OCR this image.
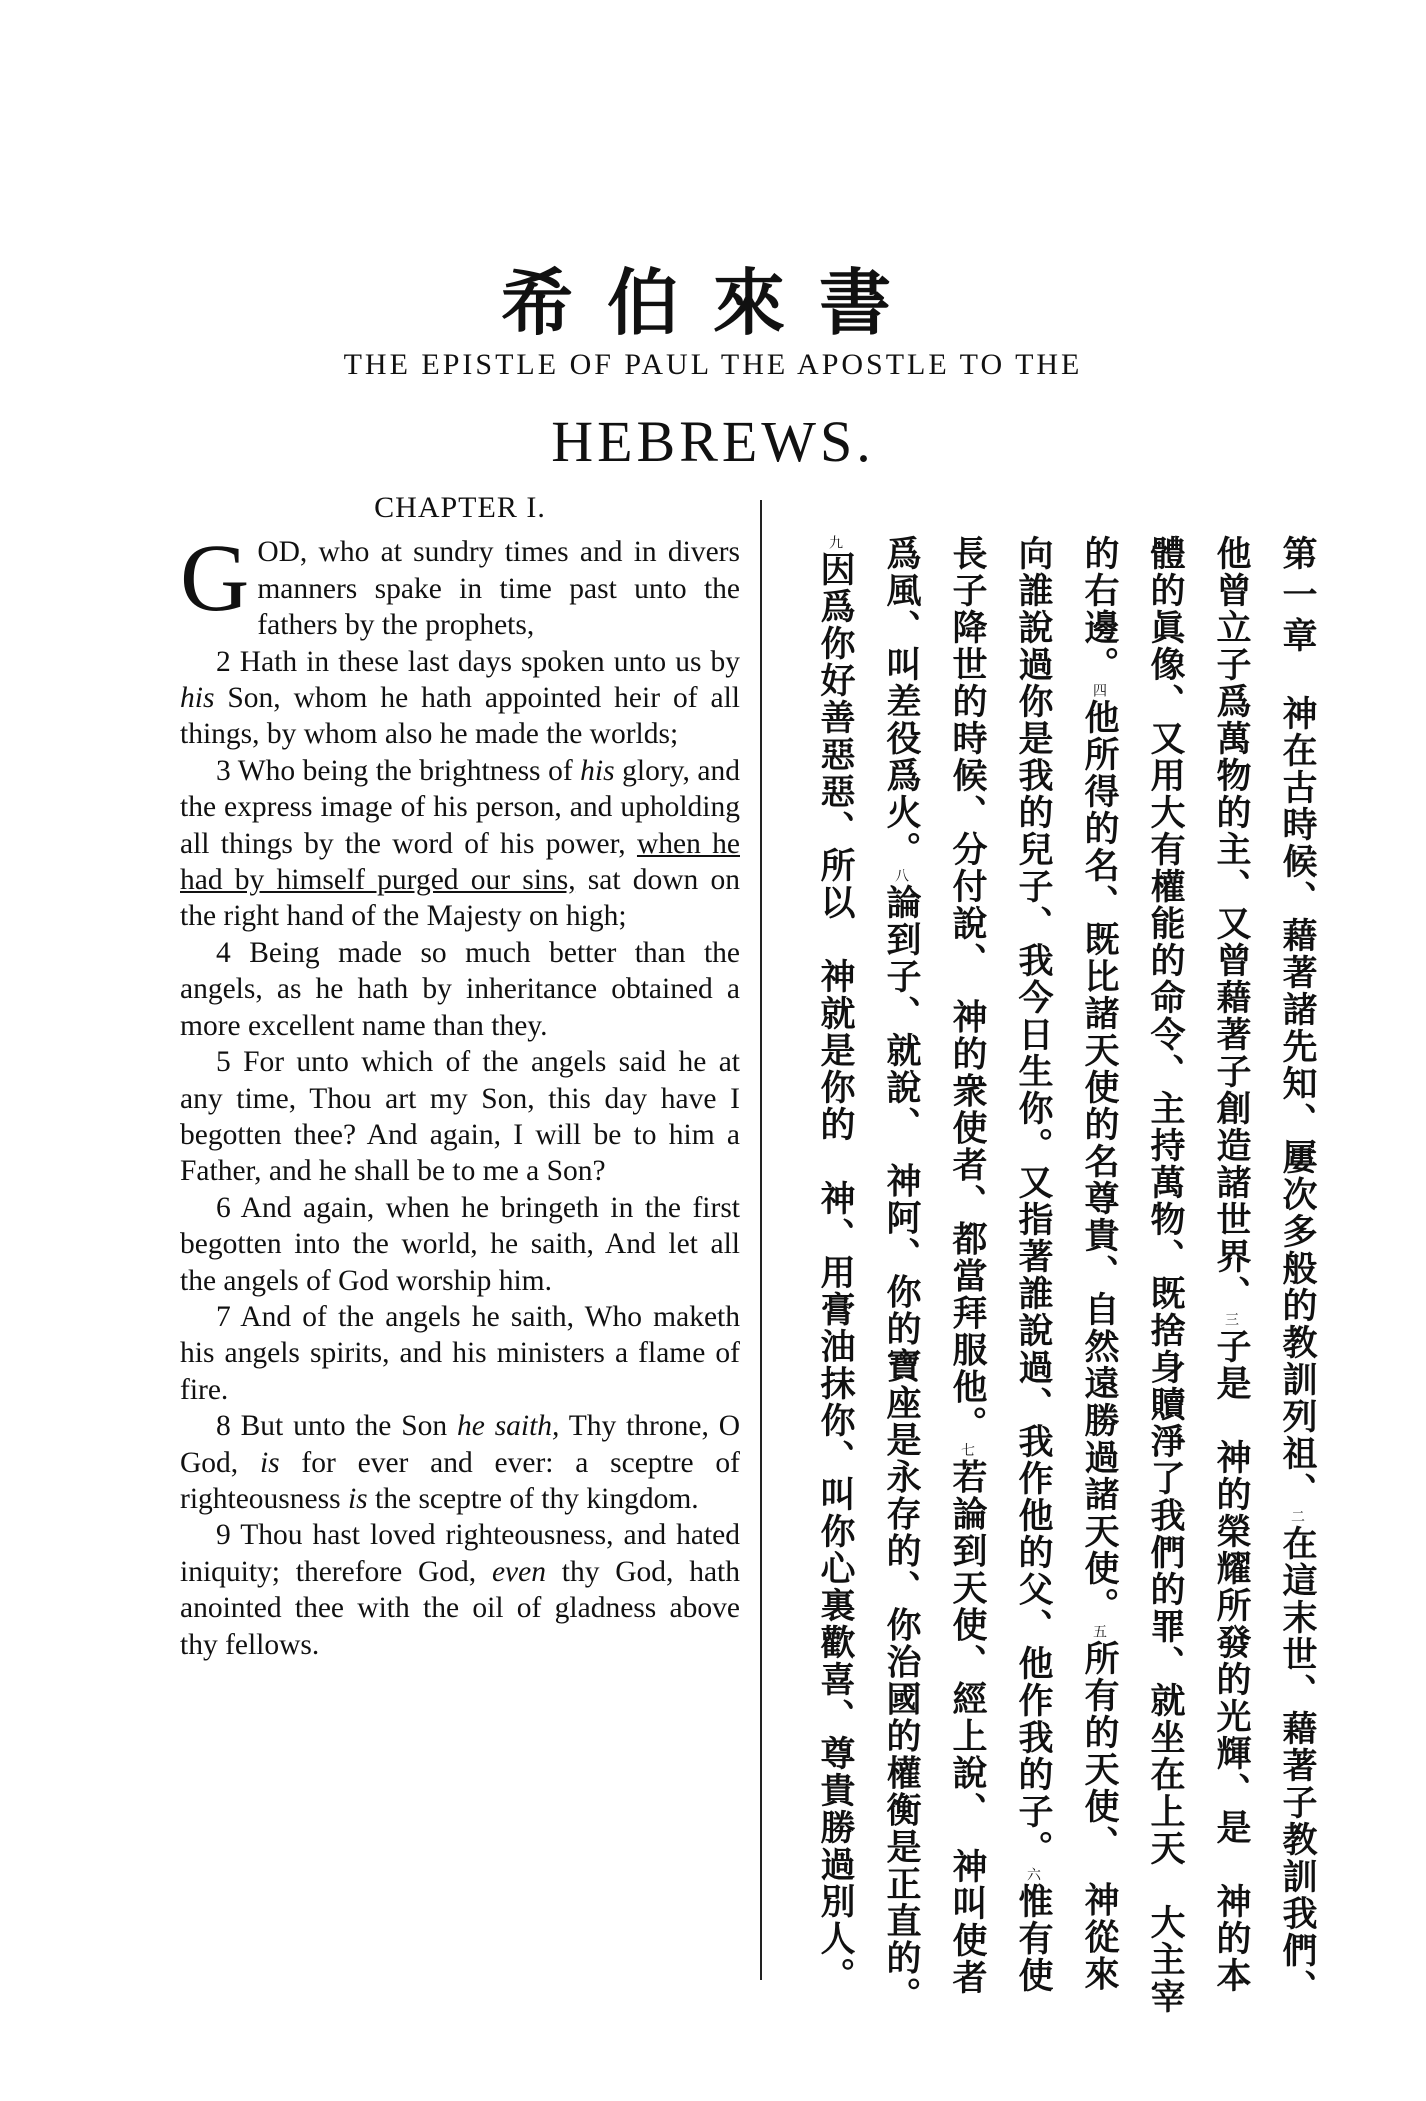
希伯來書
THE EPISTLE OF PAUL THE APOSTLE TO THE
HEBREWS.
CHAPTER I.

GOD, who at sundry times and in divers manners spake in time past unto the fathers by the prophets,

2 Hath in these last days spoken unto us by his Son, whom he hath appointed heir of all things, by whom also he made the worlds;

3 Who being the brightness of his glory, and the express image of his person, and upholding all things by the word of his power, when he had by himself purged our sins, sat down on the right hand of the Majesty on high;

4 Being made so much better than the angels, as he hath by inheritance obtained a more excellent name than they.

5 For unto which of the angels said he at any time, Thou art my Son, this day have I begotten thee? And again, I will be to him a Father, and he shall be to me a Son?

6 And again, when he bringeth in the first begotten into the world, he saith, And let all the angels of God worship him.

7 And of the angels he saith, Who maketh his angels spirits, and his ministers a flame of fire.

8 But unto the Son he saith, Thy throne, O God, is for ever and ever: a sceptre of righteousness is the sceptre of thy kingdom.

9 Thou hast loved righteousness, and hated iniquity; therefore God, even thy God, hath anointed thee with the oil of gladness above thy fellows.

第一章　神在古時候、藉著諸先知、屢次多般的教訓列祖、二在這末世、藉著子教訓我們、他曾立子爲萬物的主、又曾藉著子創造諸世界、三子是　神的榮耀所發的光輝、是　神的本體的眞像、又用大有權能的命令、主持萬物、既捨身贖淨了我們的罪、就坐在上天　大主宰的右邊。四他所得的名、既比諸天使的名尊貴、自然遠勝過諸天使。五所有的天使、　神從來向誰說過你是我的兒子、我今日生你。又指著誰說過、我作他的父、他作我的子。六惟有使長子降世的時候、分付說、　神的衆使者、都當拜服他。七若論到天使、經上說、　神叫使者爲風、叫差役爲火。八論到子、就說、　神阿、你的寶座是永存的、你治國的權衡是正直的。九因爲你好善惡惡、所以　神就是你的　神、用膏油抹你、叫你心裏歡喜、尊貴勝過別人。
